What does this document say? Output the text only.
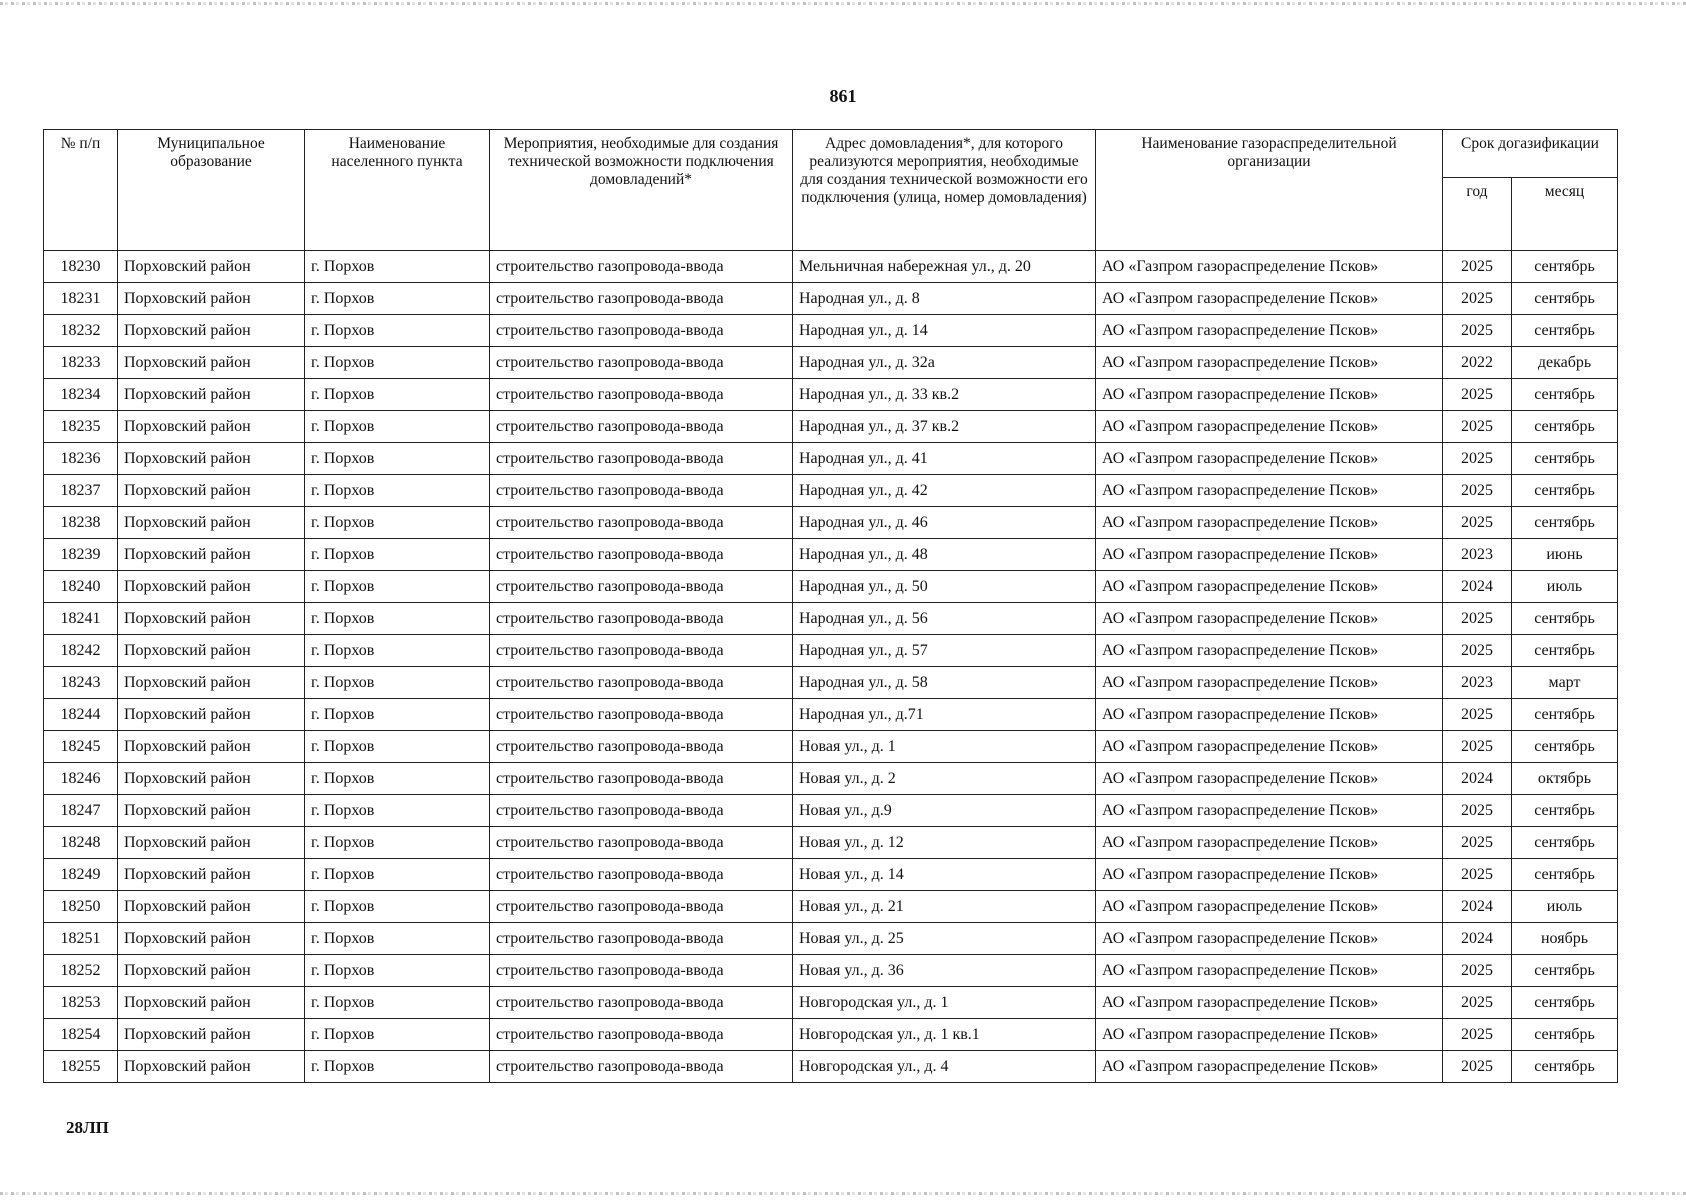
861
№ п/п	Муниципальное образование	Наименование населенного пункта	Мероприятия, необходимые для создания технической возможности подключения домовладений*	Адрес домовладения*, для которого реализуются мероприятия, необходимые для создания технической возможности его подключения (улица, номер домовладения)	Наименование газораспределительной организации	Срок догазификации	
						год	месяц
18230	Порховский район	г. Порхов	строительство газопровода-ввода	Мельничная набережная ул., д. 20	АО «Газпром газораспределение Псков»	2025	сентябрь
18231	Порховский район	г. Порхов	строительство газопровода-ввода	Народная ул., д. 8	АО «Газпром газораспределение Псков»	2025	сентябрь
18232	Порховский район	г. Порхов	строительство газопровода-ввода	Народная ул., д. 14	АО «Газпром газораспределение Псков»	2025	сентябрь
18233	Порховский район	г. Порхов	строительство газопровода-ввода	Народная ул., д. 32а	АО «Газпром газораспределение Псков»	2022	декабрь
18234	Порховский район	г. Порхов	строительство газопровода-ввода	Народная ул., д. 33 кв.2	АО «Газпром газораспределение Псков»	2025	сентябрь
18235	Порховский район	г. Порхов	строительство газопровода-ввода	Народная ул., д. 37 кв.2	АО «Газпром газораспределение Псков»	2025	сентябрь
18236	Порховский район	г. Порхов	строительство газопровода-ввода	Народная ул., д. 41	АО «Газпром газораспределение Псков»	2025	сентябрь
18237	Порховский район	г. Порхов	строительство газопровода-ввода	Народная ул., д. 42	АО «Газпром газораспределение Псков»	2025	сентябрь
18238	Порховский район	г. Порхов	строительство газопровода-ввода	Народная ул., д. 46	АО «Газпром газораспределение Псков»	2025	сентябрь
18239	Порховский район	г. Порхов	строительство газопровода-ввода	Народная ул., д. 48	АО «Газпром газораспределение Псков»	2023	июнь
18240	Порховский район	г. Порхов	строительство газопровода-ввода	Народная ул., д. 50	АО «Газпром газораспределение Псков»	2024	июль
18241	Порховский район	г. Порхов	строительство газопровода-ввода	Народная ул., д. 56	АО «Газпром газораспределение Псков»	2025	сентябрь
18242	Порховский район	г. Порхов	строительство газопровода-ввода	Народная ул., д. 57	АО «Газпром газораспределение Псков»	2025	сентябрь
18243	Порховский район	г. Порхов	строительство газопровода-ввода	Народная ул., д. 58	АО «Газпром газораспределение Псков»	2023	март
18244	Порховский район	г. Порхов	строительство газопровода-ввода	Народная ул., д.71	АО «Газпром газораспределение Псков»	2025	сентябрь
18245	Порховский район	г. Порхов	строительство газопровода-ввода	Новая ул., д. 1	АО «Газпром газораспределение Псков»	2025	сентябрь
18246	Порховский район	г. Порхов	строительство газопровода-ввода	Новая ул., д. 2	АО «Газпром газораспределение Псков»	2024	октябрь
18247	Порховский район	г. Порхов	строительство газопровода-ввода	Новая ул., д.9	АО «Газпром газораспределение Псков»	2025	сентябрь
18248	Порховский район	г. Порхов	строительство газопровода-ввода	Новая ул., д. 12	АО «Газпром газораспределение Псков»	2025	сентябрь
18249	Порховский район	г. Порхов	строительство газопровода-ввода	Новая ул., д. 14	АО «Газпром газораспределение Псков»	2025	сентябрь
18250	Порховский район	г. Порхов	строительство газопровода-ввода	Новая ул., д. 21	АО «Газпром газораспределение Псков»	2024	июль
18251	Порховский район	г. Порхов	строительство газопровода-ввода	Новая ул., д. 25	АО «Газпром газораспределение Псков»	2024	ноябрь
18252	Порховский район	г. Порхов	строительство газопровода-ввода	Новая ул., д. 36	АО «Газпром газораспределение Псков»	2025	сентябрь
18253	Порховский район	г. Порхов	строительство газопровода-ввода	Новгородская ул., д. 1	АО «Газпром газораспределение Псков»	2025	сентябрь
18254	Порховский район	г. Порхов	строительство газопровода-ввода	Новгородская ул., д. 1 кв.1	АО «Газпром газораспределение Псков»	2025	сентябрь
18255	Порховский район	г. Порхов	строительство газопровода-ввода	Новгородская ул., д. 4	АО «Газпром газораспределение Псков»	2025	сентябрь
28ЛП
